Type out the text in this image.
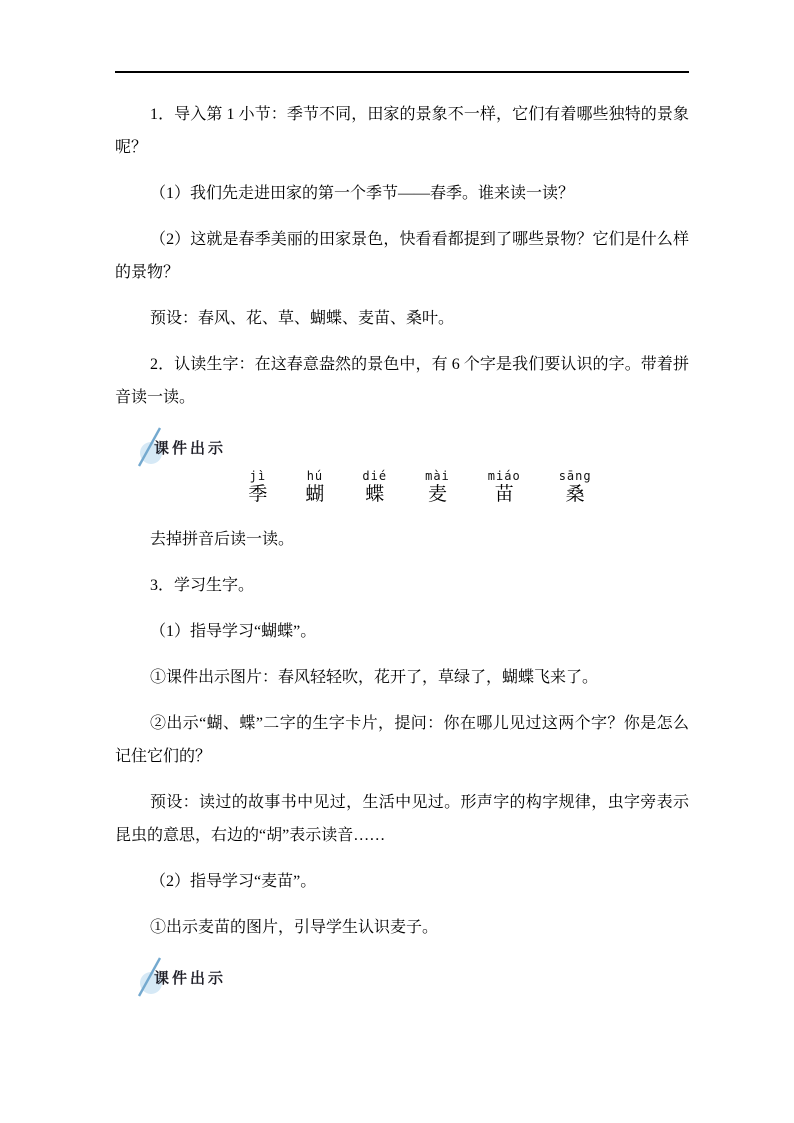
1．导入第 1 小节：季节不同，田家的景象不一样，它们有着哪些独特的景象呢？

（1）我们先走进田家的第一个季节——春季。谁来读一读？

（2）这就是春季美丽的田家景色，快看看都提到了哪些景物？它们是什么样的景物？

预设：春风、花、草、蝴蝶、麦苗、桑叶。

2．认读生字：在这春意盎然的景色中，有 6 个字是我们要认识的字。带着拼音读一读。

课件出示
jì
季
hú
蝴
dié
蝶
mài
麦
miáo
苗
sāng
桑

去掉拼音后读一读。

3．学习生字。

（1）指导学习“蝴蝶”。

①课件出示图片：春风轻轻吹，花开了，草绿了，蝴蝶飞来了。

②出示“蝴、蝶”二字的生字卡片，提问：你在哪儿见过这两个字？你是怎么记住它们的？

预设：读过的故事书中见过，生活中见过。形声字的构字规律，虫字旁表示昆虫的意思，右边的“胡”表示读音……

（2）指导学习“麦苗”。

①出示麦苗的图片，引导学生认识麦子。

课件出示
